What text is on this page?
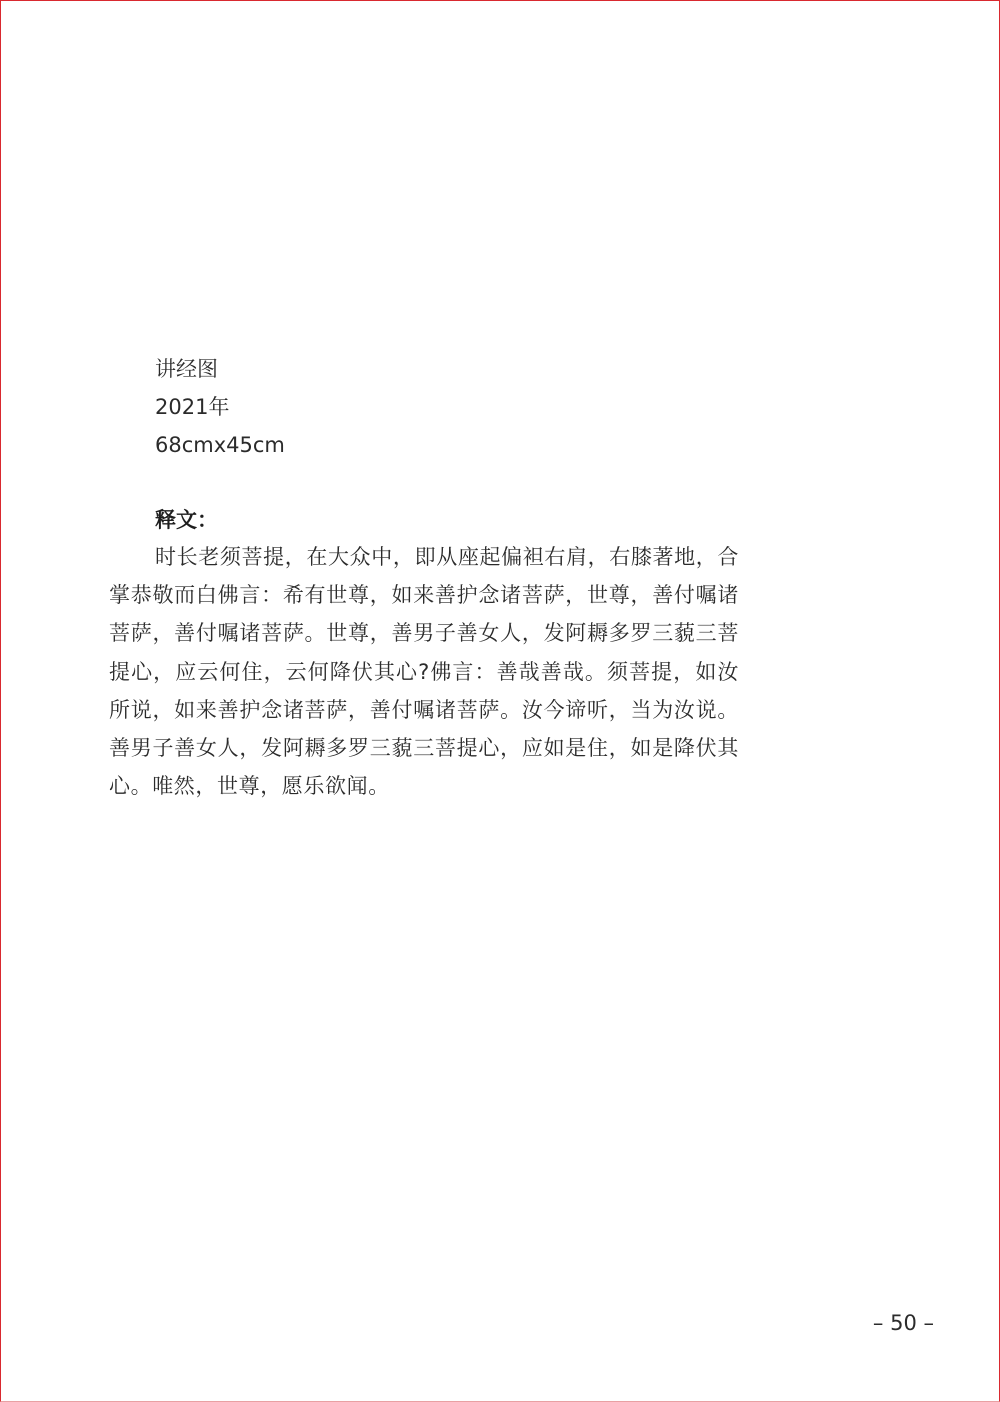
讲经图
2021年
68cmx45cm
释文：

时长老须菩提，在大众中，即从座起偏袒右肩，右膝著地，合掌恭敬而白佛言：希有世尊，如来善护念诸菩萨，世尊，善付嘱诸菩萨，善付嘱诸菩萨。世尊，善男子善女人，发阿耨多罗三藐三菩提心，应云何住，云何降伏其心?佛言：善哉善哉。须菩提，如汝所说，如来善护念诸菩萨，善付嘱诸菩萨。汝今谛听，当为汝说。善男子善女人，发阿耨多罗三藐三菩提心，应如是住，如是降伏其心。唯然，世尊，愿乐欲闻。

– 50 –
